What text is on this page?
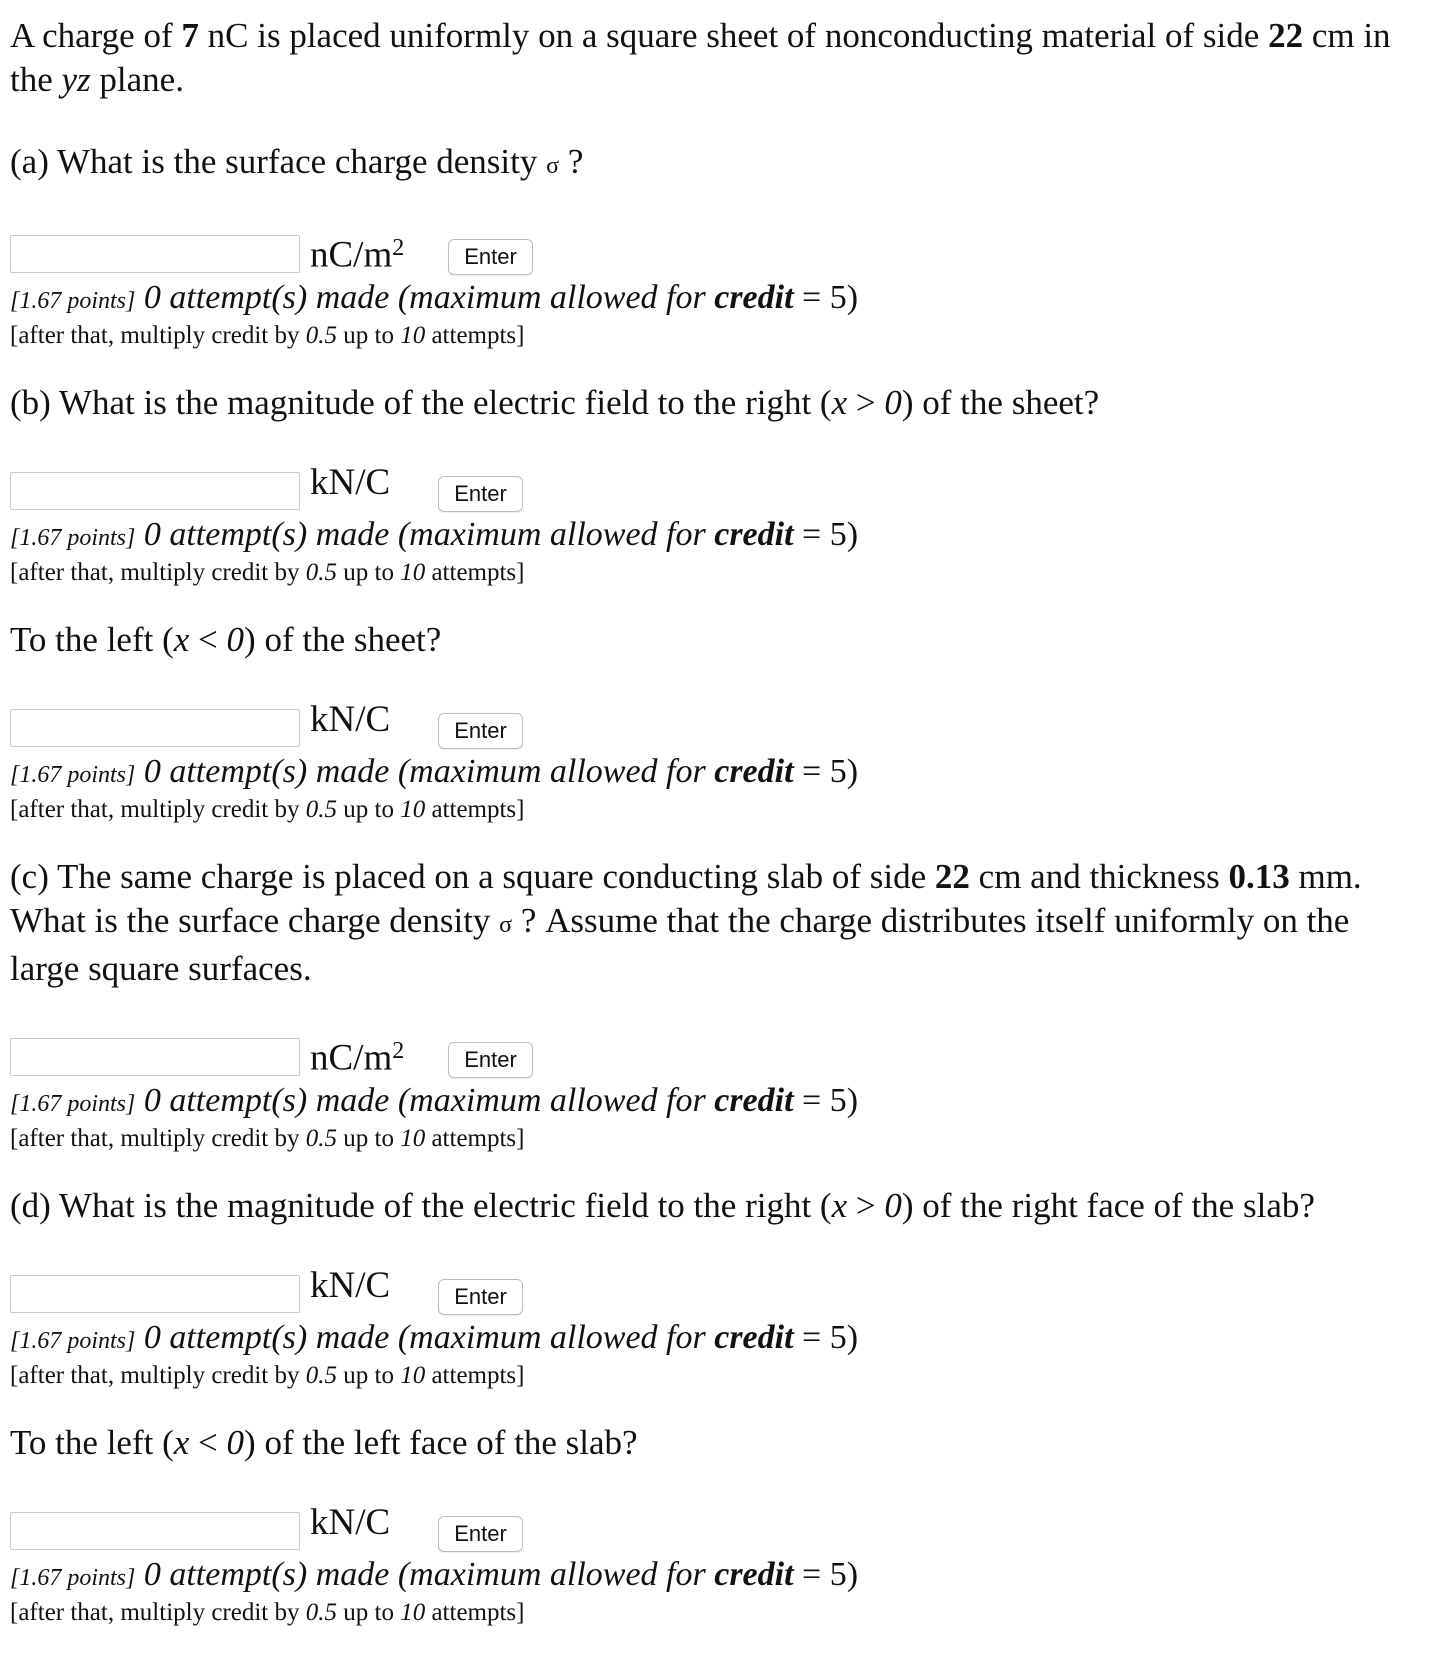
A charge of 7 nC is placed uniformly on a square sheet of nonconducting material of side 22 cm in the yz plane.

(a) What is the surface charge density σ ?

$nC/m^2$	Enter
[1.67 points] 0 attempt(s) made (maximum allowed for credit = 5)
[after that, multiply credit by 0.5 up to 10 attempts]

(b) What is the magnitude of the electric field to the right (x > 0) of the sheet?

kN/C	Enter
[1.67 points] 0 attempt(s) made (maximum allowed for credit = 5)
[after that, multiply credit by 0.5 up to 10 attempts]

To the left (x < 0) of the sheet?

kN/C	Enter
[1.67 points] 0 attempt(s) made (maximum allowed for credit = 5)
[after that, multiply credit by 0.5 up to 10 attempts]

(c) The same charge is placed on a square conducting slab of side 22 cm and thickness 0.13 mm. What is the surface charge density σ ? Assume that the charge distributes itself uniformly on the large square surfaces.

$nC/m^2$	Enter
[1.67 points] 0 attempt(s) made (maximum allowed for credit = 5)
[after that, multiply credit by 0.5 up to 10 attempts]

(d) What is the magnitude of the electric field to the right (x > 0) of the right face of the slab?

kN/C	Enter
[1.67 points] 0 attempt(s) made (maximum allowed for credit = 5)
[after that, multiply credit by 0.5 up to 10 attempts]

To the left (x < 0) of the left face of the slab?

kN/C	Enter
[1.67 points] 0 attempt(s) made (maximum allowed for credit = 5)
[after that, multiply credit by 0.5 up to 10 attempts]
